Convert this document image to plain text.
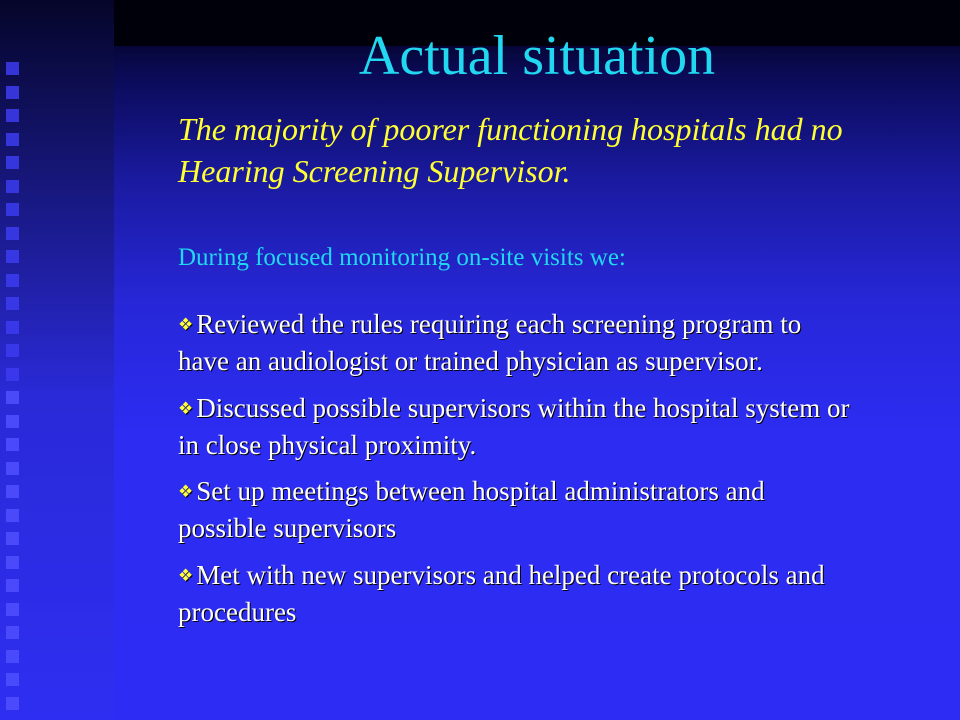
Actual situation

The majority of poorer functioning hospitals had no Hearing Screening Supervisor.

During focused monitoring on-site visits we:

❖ Reviewed the rules requiring each screening program to have an audiologist or trained physician as supervisor.
❖ Discussed possible supervisors within the hospital system or in close physical proximity.
❖ Set up meetings between hospital administrators and possible supervisors
❖ Met with new supervisors and helped create protocols and procedures
